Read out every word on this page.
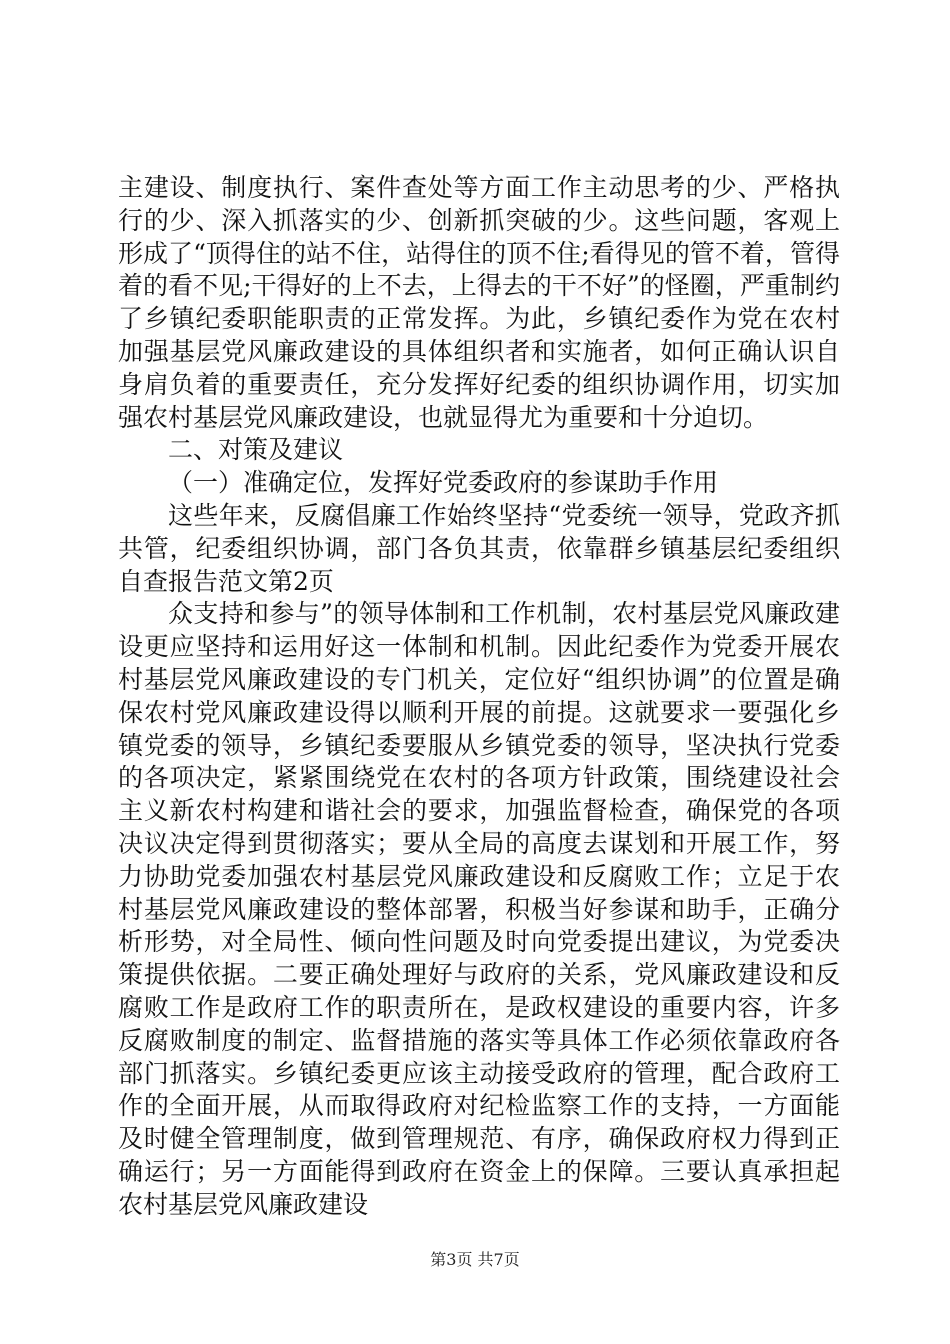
主建设、制度执行、案件查处等方面工作主动思考的少、严格执行的少、深入抓落实的少、创新抓突破的少。这些问题，客观上形成了“顶得住的站不住，站得住的顶不住;看得见的管不着，管得着的看不见;干得好的上不去，上得去的干不好”的怪圈，严重制约了乡镇纪委职能职责的正常发挥。为此，乡镇纪委作为党在农村加强基层党风廉政建设的具体组织者和实施者，如何正确认识自身肩负着的重要责任，充分发挥好纪委的组织协调作用，切实加强农村基层党风廉政建设，也就显得尤为重要和十分迫切。

二、对策及建议

（一）准确定位，发挥好党委政府的参谋助手作用

这些年来，反腐倡廉工作始终坚持“党委统一领导，党政齐抓共管，纪委组织协调，部门各负其责，依靠群乡镇基层纪委组织自查报告范文第2页

众支持和参与”的领导体制和工作机制，农村基层党风廉政建设更应坚持和运用好这一体制和机制。因此纪委作为党委开展农村基层党风廉政建设的专门机关，定位好“组织协调”的位置是确保农村党风廉政建设得以顺利开展的前提。这就要求一要强化乡镇党委的领导，乡镇纪委要服从乡镇党委的领导，坚决执行党委的各项决定，紧紧围绕党在农村的各项方针政策，围绕建设社会主义新农村构建和谐社会的要求，加强监督检查，确保党的各项决议决定得到贯彻落实；要从全局的高度去谋划和开展工作，努力协助党委加强农村基层党风廉政建设和反腐败工作；立足于农村基层党风廉政建设的整体部署，积极当好参谋和助手，正确分析形势，对全局性、倾向性问题及时向党委提出建议，为党委决策提供依据。二要正确处理好与政府的关系，党风廉政建设和反腐败工作是政府工作的职责所在，是政权建设的重要内容，许多反腐败制度的制定、监督措施的落实等具体工作必须依靠政府各部门抓落实。乡镇纪委更应该主动接受政府的管理，配合政府工作的全面开展，从而取得政府对纪检监察工作的支持，一方面能及时健全管理制度，做到管理规范、有序，确保政府权力得到正确运行；另一方面能得到政府在资金上的保障。三要认真承担起农村基层党风廉政建设

第3页 共7页
